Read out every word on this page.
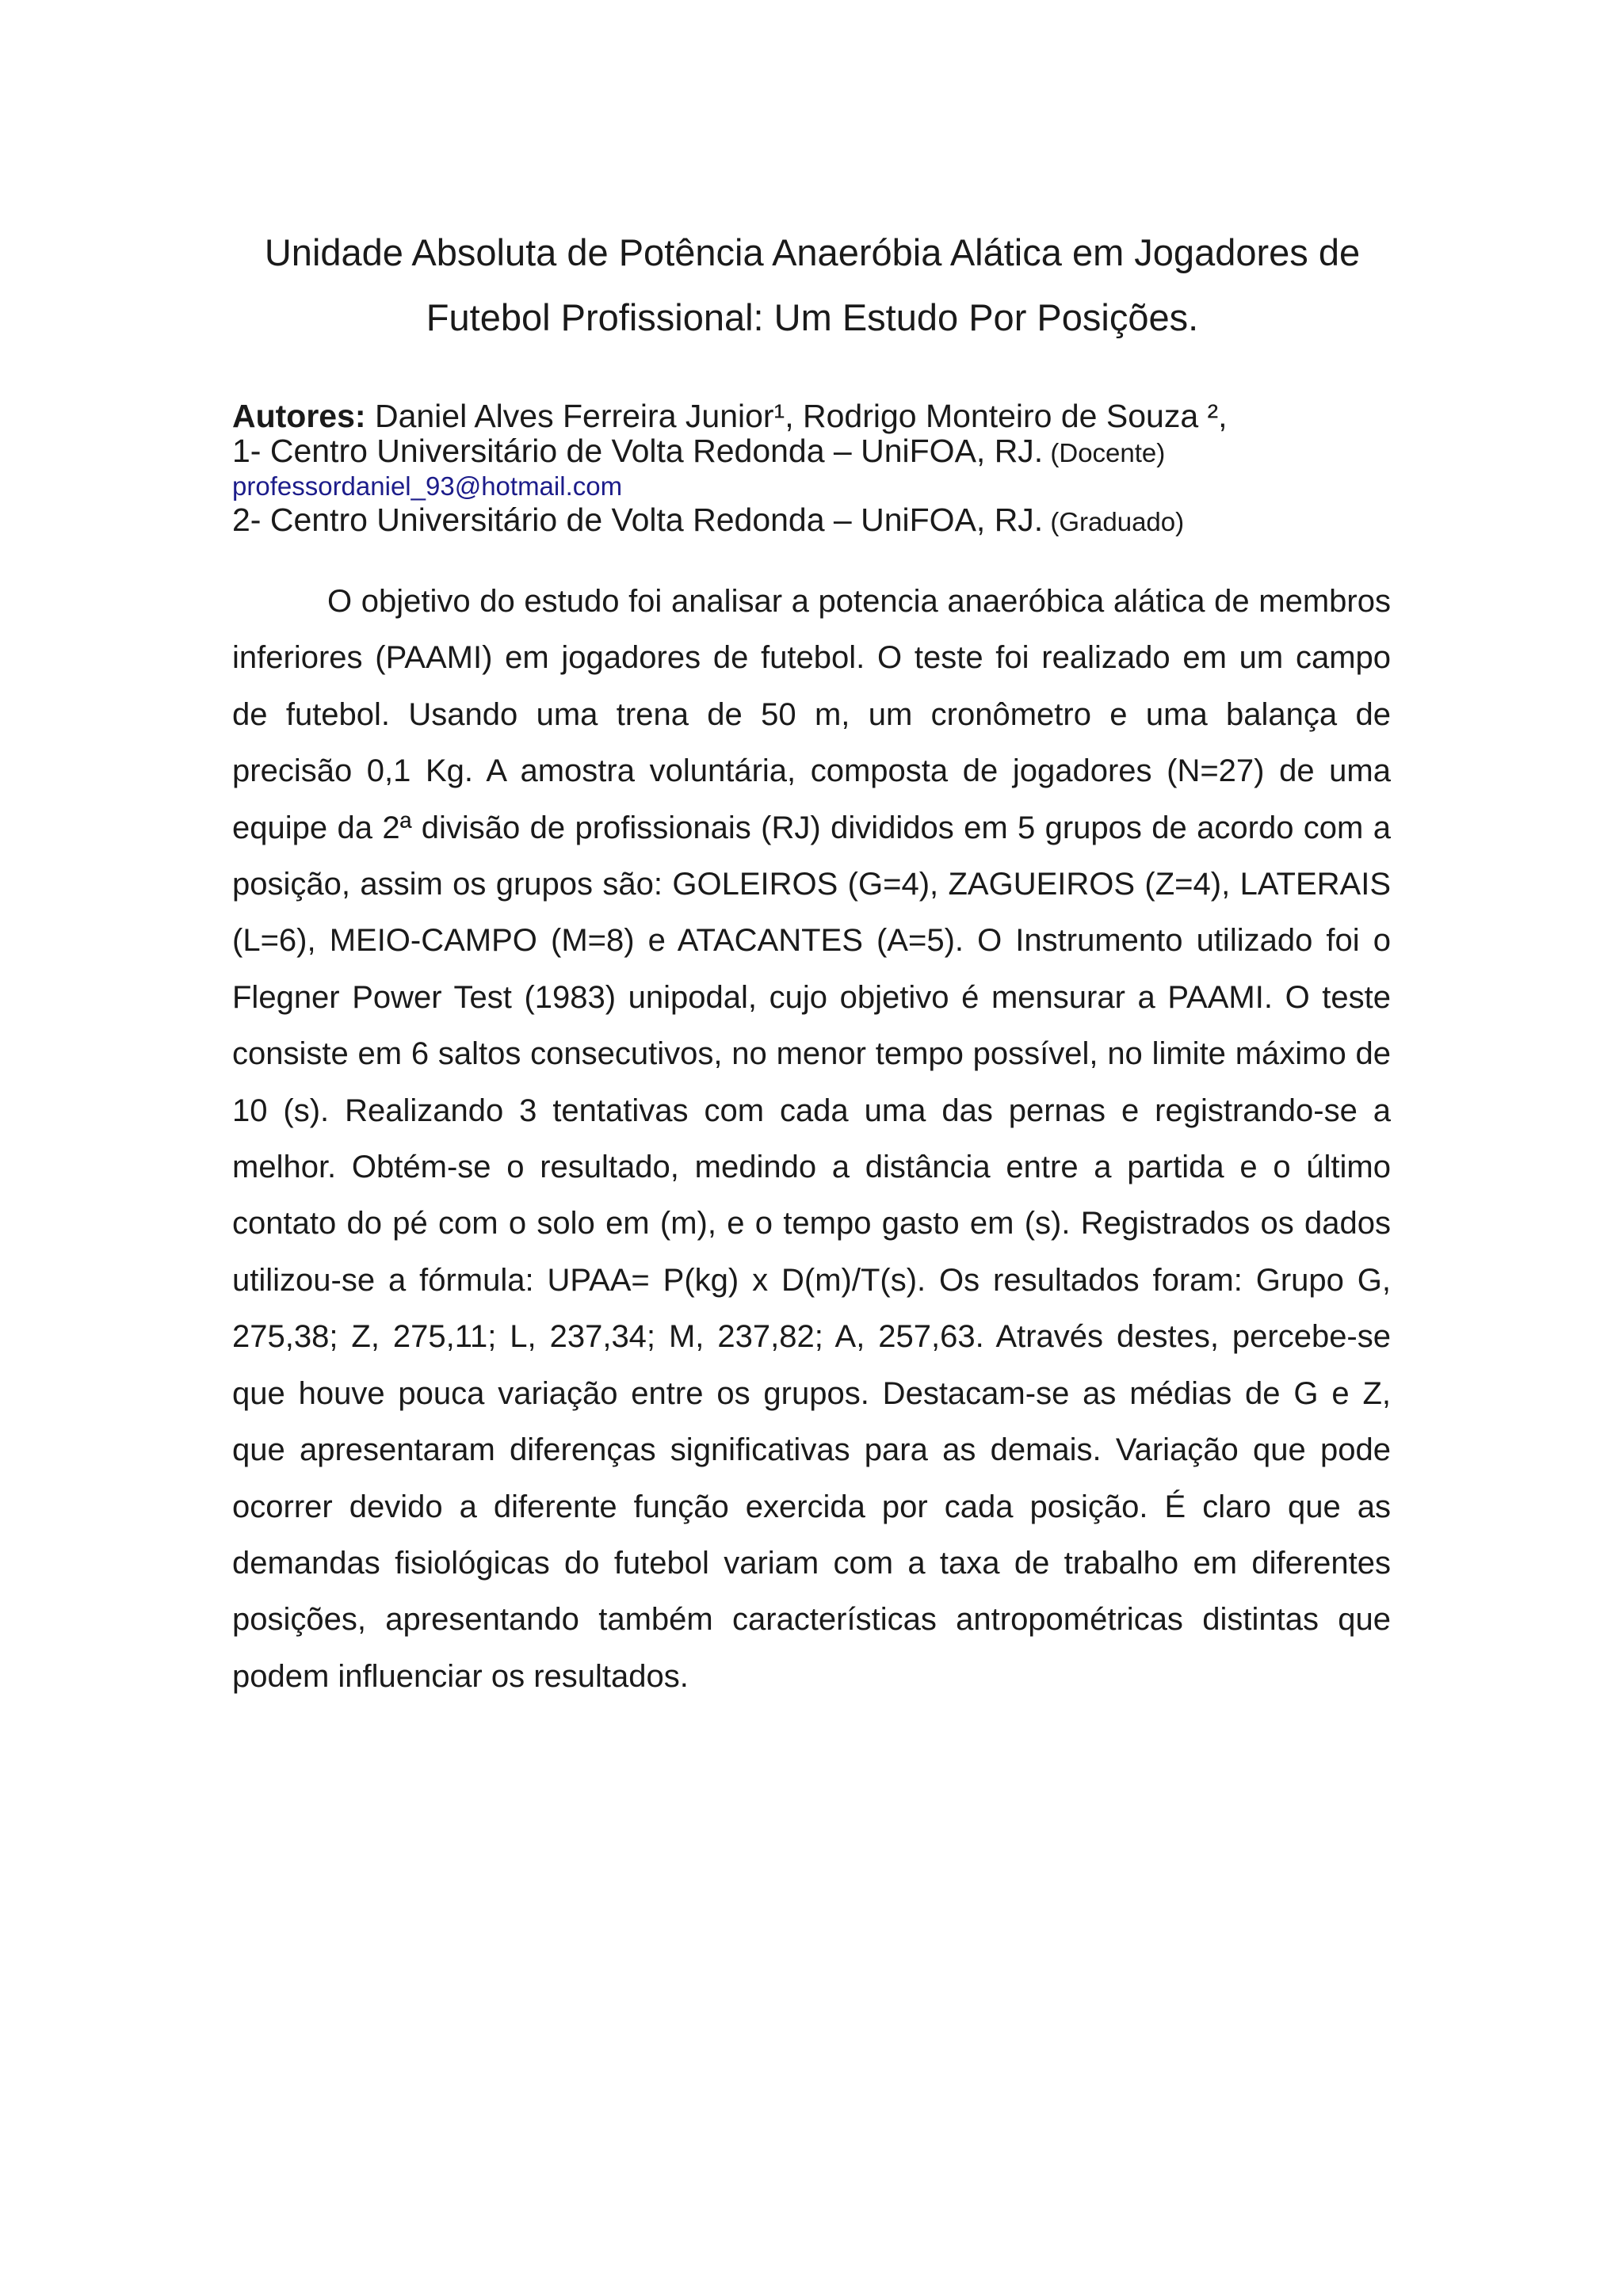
Unidade Absoluta de Potência Anaeróbia Alática em Jogadores de
Futebol Profissional: Um Estudo Por Posições.
Autores: Daniel Alves Ferreira Junior¹, Rodrigo Monteiro de Souza ²,
1- Centro Universitário de Volta Redonda – UniFOA, RJ. (Docente)
professordaniel_93@hotmail.com
2- Centro Universitário de Volta Redonda – UniFOA, RJ. (Graduado)

O objetivo do estudo foi analisar a potencia anaeróbica alática de membros inferiores (PAAMI) em jogadores de futebol. O teste foi realizado em um campo de futebol. Usando uma trena de 50 m, um cronômetro e uma balança de precisão 0,1 Kg. A amostra voluntária, composta de jogadores (N=27) de uma equipe da 2ª divisão de profissionais (RJ) divididos em 5 grupos de acordo com a posição, assim os grupos são: GOLEIROS (G=4), ZAGUEIROS (Z=4), LATERAIS (L=6), MEIO-CAMPO (M=8) e ATACANTES (A=5). O Instrumento utilizado foi o Flegner Power Test (1983) unipodal, cujo objetivo é mensurar a PAAMI. O teste consiste em 6 saltos consecutivos, no menor tempo possível, no limite máximo de 10 (s). Realizando 3 tentativas com cada uma das pernas e registrando-se a melhor. Obtém-se o resultado, medindo a distância entre a partida e o último contato do pé com o solo em (m), e o tempo gasto em (s). Registrados os dados utilizou-se a fórmula: UPAA= P(kg) x D(m)/T(s). Os resultados foram: Grupo G, 275,38; Z, 275,11; L, 237,34; M, 237,82; A, 257,63. Através destes, percebe-se que houve pouca variação entre os grupos. Destacam-se as médias de G e Z, que apresentaram diferenças significativas para as demais. Variação que pode ocorrer devido a diferente função exercida por cada posição. É claro que as demandas fisiológicas do futebol variam com a taxa de trabalho em diferentes posições, apresentando também características antropométricas distintas que podem influenciar os resultados.
